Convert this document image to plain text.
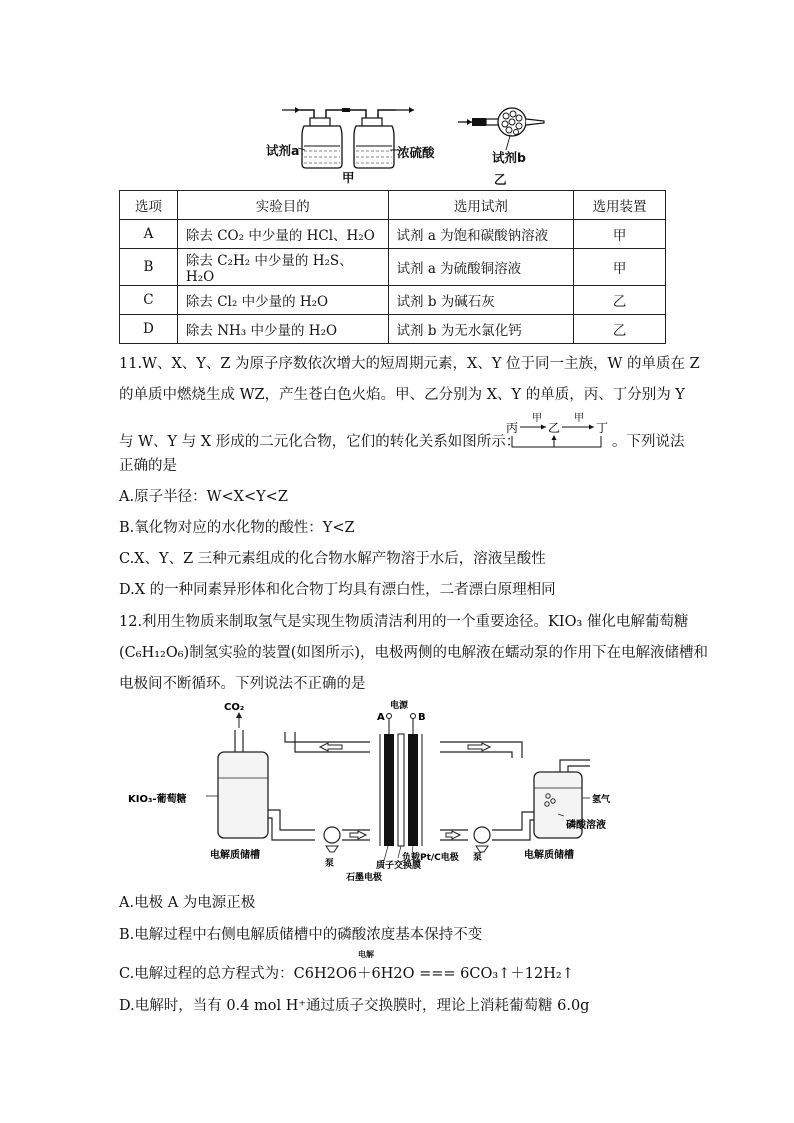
试剂a	浓硫酸	试剂b
甲	乙
选项	实验目的	选用试剂	选用装置
A	除去 CO₂ 中少量的 HCl、H₂O	试剂 a 为饱和碳酸钠溶液	甲
B	除去 C₂H₂ 中少量的 H₂S、H₂O	试剂 a 为硫酸铜溶液	甲
C	除去 Cl₂ 中少量的 H₂O	试剂 b 为碱石灰	乙
D	除去 NH₃ 中少量的 H₂O	试剂 b 为无水氯化钙	乙
11.W、X、Y、Z 为原子序数依次增大的短周期元素，X、Y 位于同一主族，W 的单质在 Z
的单质中燃烧生成 WZ，产生苍白色火焰。甲、乙分别为 X、Y 的单质，丙、丁分别为 Y
与 W、Y 与 X 形成的二元化合物，它们的转化关系如图所示：
丙
甲
乙
甲
丁
。下列说法
正确的是
A.原子半径：W<X<Y<Z
B.氧化物对应的水化物的酸性：Y<Z
C.X、Y、Z 三种元素组成的化合物水解产物溶于水后，溶液呈酸性
D.X 的一种同素异形体和化合物丁均具有漂白性，二者漂白原理相同
12.利用生物质来制取氢气是实现生物质清洁利用的一个重要途径。KIO₃ 催化电解葡萄糖
(C₆H₁₂O₆)制氢实验的装置(如图所示)，电极两侧的电解液在蠕动泵的作用下在电解液储槽和
电极间不断循环。下列说法不正确的是
CO₂
A	B
电源
KIO₃-葡萄糖
电解质储槽	电解质储槽
泵
泵
石墨电极
质子交换膜
负载Pt/C电极
氢气
磷酸溶液
A.电极 A 为电源正极
B.电解过程中右侧电解质储槽中的磷酸浓度基本保持不变
电解
C.电解过程的总方程式为：C6H2O6＋6H2O === 6CO₃↑＋12H₂↑
D.电解时，当有 0.4 mol H⁺通过质子交换膜时，理论上消耗葡萄糖 6.0g
